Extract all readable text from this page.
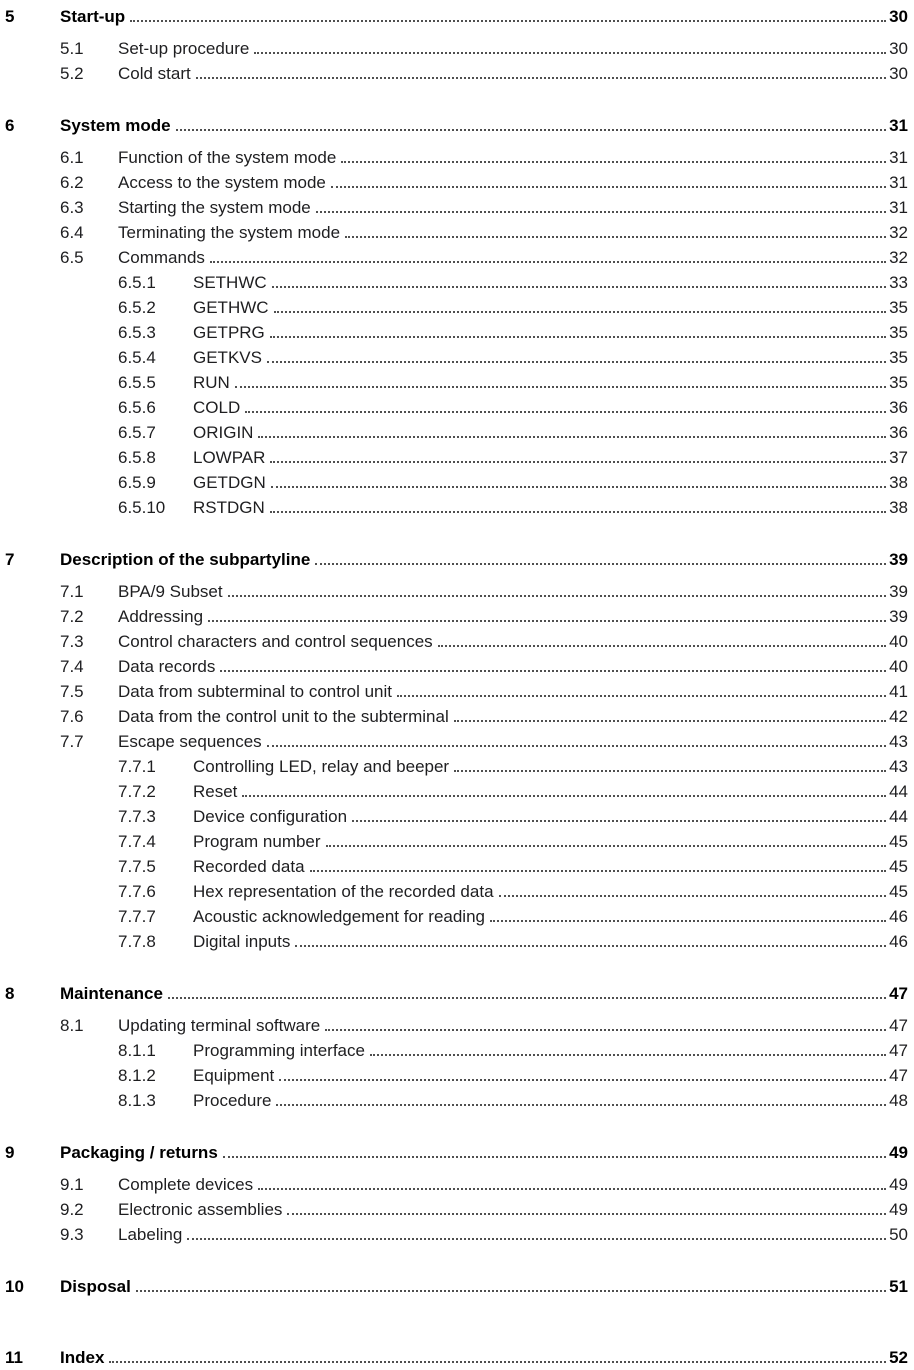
5	Start-up	30
5.1	Set-up procedure	30
5.2	Cold start	30
6	System mode	31
6.1	Function of the system mode	31
6.2	Access to the system mode	31
6.3	Starting the system mode	31
6.4	Terminating the system mode	32
6.5	Commands	32
6.5.1	SETHWC	33
6.5.2	GETHWC	35
6.5.3	GETPRG	35
6.5.4	GETKVS	35
6.5.5	RUN	35
6.5.6	COLD	36
6.5.7	ORIGIN	36
6.5.8	LOWPAR	37
6.5.9	GETDGN	38
6.5.10	RSTDGN	38
7	Description of the subpartyline	39
7.1	BPA/9 Subset	39
7.2	Addressing	39
7.3	Control characters and control sequences	40
7.4	Data records	40
7.5	Data from subterminal to control unit	41
7.6	Data from the control unit to the subterminal	42
7.7	Escape sequences	43
7.7.1	Controlling LED, relay and beeper	43
7.7.2	Reset	44
7.7.3	Device configuration	44
7.7.4	Program number	45
7.7.5	Recorded data	45
7.7.6	Hex representation of the recorded data	45
7.7.7	Acoustic acknowledgement for reading	46
7.7.8	Digital inputs	46
8	Maintenance	47
8.1	Updating terminal software	47
8.1.1	Programming interface	47
8.1.2	Equipment	47
8.1.3	Procedure	48
9	Packaging / returns	49
9.1	Complete devices	49
9.2	Electronic assemblies	49
9.3	Labeling	50
10	Disposal	51
11	Index	52
